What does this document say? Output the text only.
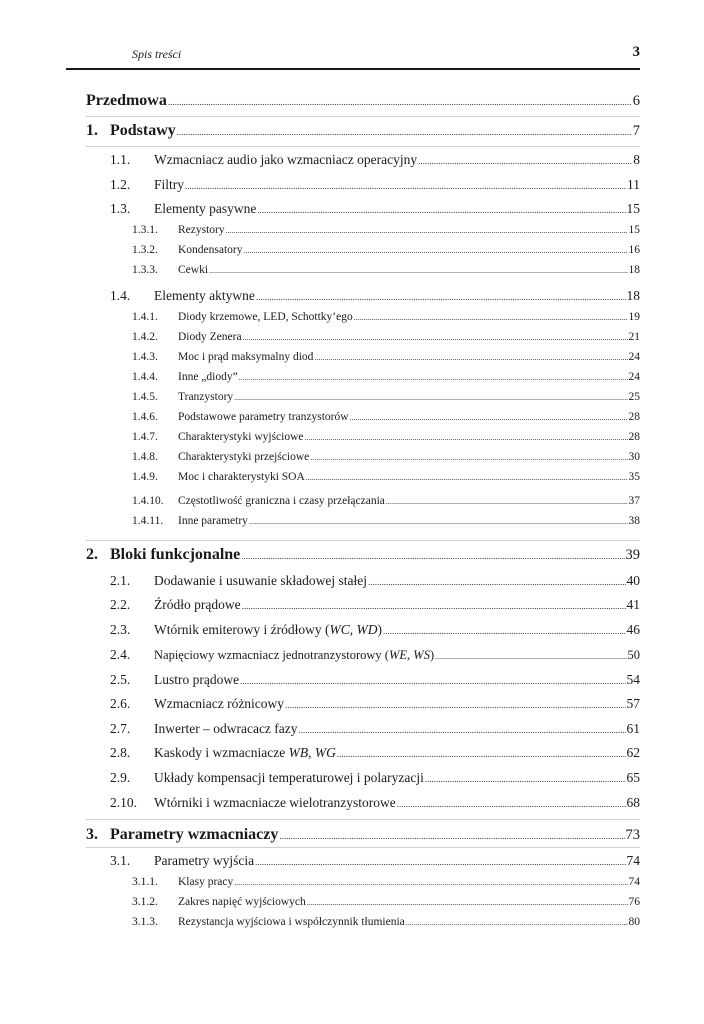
Spis treści	3
Przedmowa .....	6
1. Podstawy .....	7
1.1.	Wzmacniacz audio jako wzmacniacz operacyjny .....	8
1.2.	Filtry .....	11
1.3.	Elementy pasywne .....	15
1.3.1.	Rezystory .....	15
1.3.2.	Kondensatory .....	16
1.3.3.	Cewki .....	18
1.4.	Elementy aktywne .....	18
1.4.1.	Diody krzemowe, LED, Schottky’ego .....	19
1.4.2.	Diody Zenera .....	21
1.4.3.	Moc i prąd maksymalny diod .....	24
1.4.4.	Inne „diody” .....	24
1.4.5.	Tranzystory .....	25
1.4.6.	Podstawowe parametry tranzystorów .....	28
1.4.7.	Charakterystyki wyjściowe .....	28
1.4.8.	Charakterystyki przejściowe .....	30
1.4.9.	Moc i charakterystyki SOA .....	35
1.4.10.	Częstotliwość graniczna i czasy przełączania .....	37
1.4.11.	Inne parametry .....	38
2. Bloki funkcjonalne .....	39
2.1.	Dodawanie i usuwanie składowej stałej .....	40
2.2.	Źródło prądowe .....	41
2.3.	Wtórnik emiterowy i źródłowy (WC, WD) .....	46
2.4.	Napięciowy wzmacniacz jednotranzystorowy (WE, WS) .....	50
2.5.	Lustro prądowe .....	54
2.6.	Wzmacniacz różnicowy .....	57
2.7.	Inwerter – odwracacz fazy .....	61
2.8.	Kaskody i wzmacniacze WB, WG .....	62
2.9.	Układy kompensacji temperaturowej i polaryzacji .....	65
2.10.	Wtórniki i wzmacniacze wielotranzystorowe .....	68
3. Parametry wzmacniaczy .....	73
3.1.	Parametry wyjścia .....	74
3.1.1.	Klasy pracy .....	74
3.1.2.	Zakres napięć wyjściowych .....	76
3.1.3.	Rezystancja wyjściowa i współczynnik tłumienia .....	80
